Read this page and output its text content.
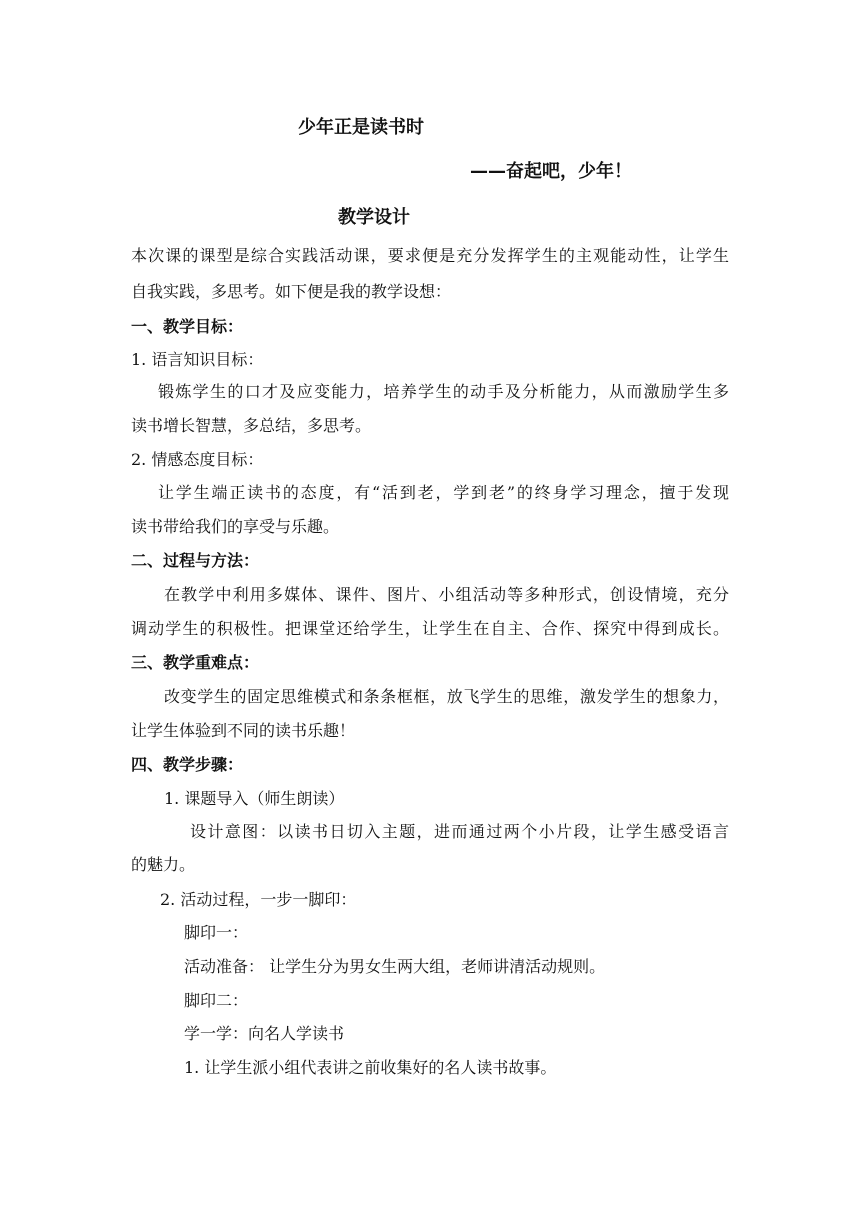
少年正是读书时
——奋起吧，少年！
教学设计
本次课的课型是综合实践活动课，要求便是充分发挥学生的主观能动性，让学生
自我实践，多思考。如下便是我的教学设想：
一、教学目标：
1. 语言知识目标：
锻炼学生的口才及应变能力，培养学生的动手及分析能力，从而激励学生多
读书增长智慧，多总结，多思考。
2. 情感态度目标：
让学生端正读书的态度，有“活到老，学到老”的终身学习理念，擅于发现
读书带给我们的享受与乐趣。
二、过程与方法：
在教学中利用多媒体、课件、图片、小组活动等多种形式，创设情境，充分
调动学生的积极性。把课堂还给学生，让学生在自主、合作、探究中得到成长。
三、教学重难点：
改变学生的固定思维模式和条条框框，放飞学生的思维，激发学生的想象力，
让学生体验到不同的读书乐趣！
四、教学步骤：
1. 课题导入（师生朗读）
设计意图：以读书日切入主题，进而通过两个小片段，让学生感受语言
的魅力。
2. 活动过程，一步一脚印：
脚印一：
活动准备： 让学生分为男女生两大组，老师讲清活动规则。
脚印二：
学一学：向名人学读书
1. 让学生派小组代表讲之前收集好的名人读书故事。
